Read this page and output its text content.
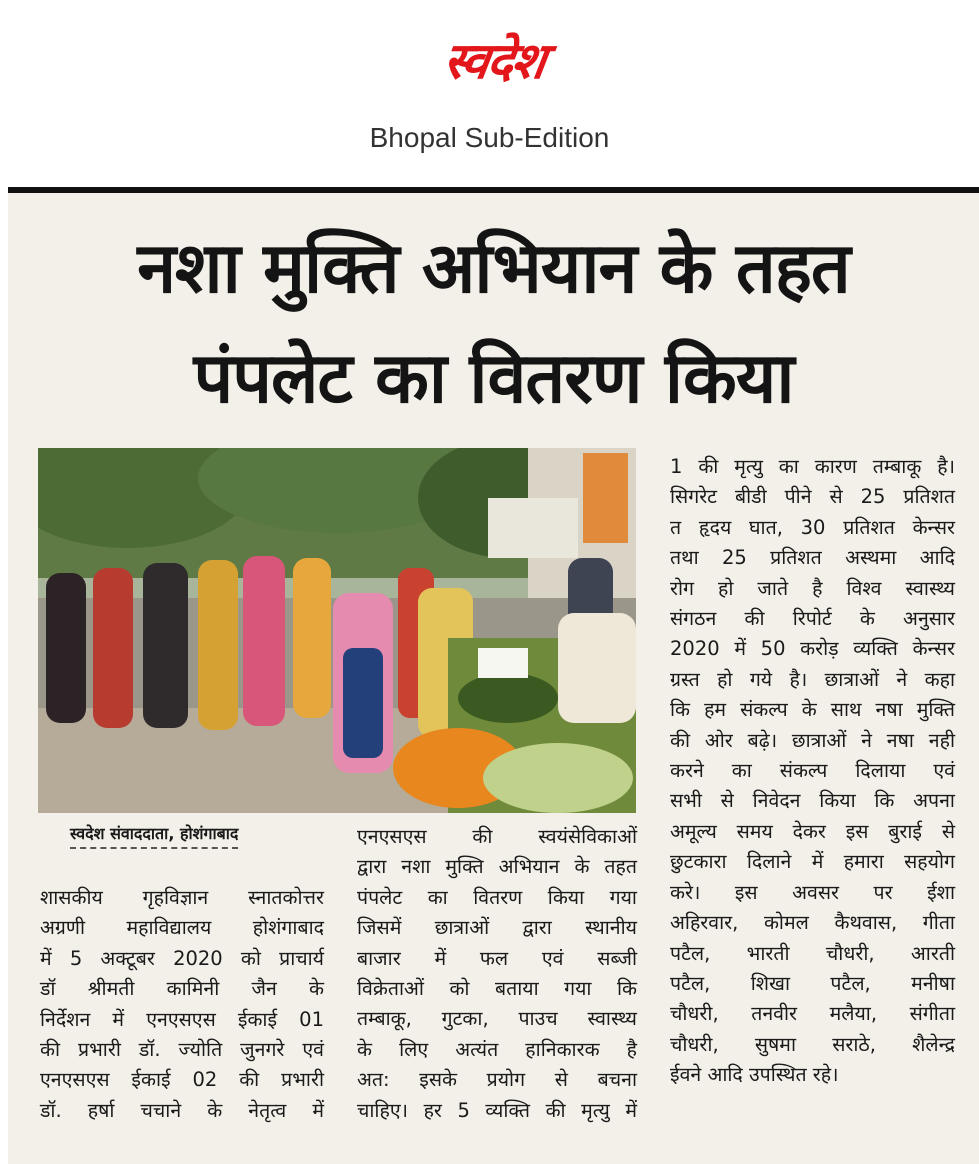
स्वदेश
Bhopal Sub-Edition
नशा मुक्ति अभियान के तहत
पंपलेट का वितरण किया
स्वदेश संवाददाता, होशंगाबाद
शासकीय गृहविज्ञान स्नातकोत्तर
अग्रणी महाविद्यालय होशंगाबाद
में 5 अक्टूबर 2020 को प्राचार्य
डॉ श्रीमती कामिनी जैन के
निर्देशन में एनएसएस ईकाई 01
की प्रभारी डॉ. ज्योति जुनगरे एवं
एनएसएस ईकाई 02 की प्रभारी
डॉ. हर्षा चचाने के नेतृत्व में
एनएसएस की स्वयंसेविकाओं
द्वारा नशा मुक्ति अभियान के तहत
पंपलेट का वितरण किया गया
जिसमें छात्राओं द्वारा स्थानीय
बाजार में फल एवं सब्जी
विक्रेताओं को बताया गया कि
तम्बाकू, गुटका, पाउच स्वास्थ्य
के लिए अत्यंत हानिकारक है
अत: इसके प्रयोग से बचना
चाहिए। हर 5 व्यक्ति की मृत्यु में
1 की मृत्यु का कारण तम्बाकू है।
सिगरेट बीडी पीने से 25 प्रतिशत
त हृदय घात, 30 प्रतिशत केन्सर
तथा 25 प्रतिशत अस्थमा आदि
रोग हो जाते है विश्व स्वास्थ्य
संगठन की रिपोर्ट के अनुसार
2020 में 50 करोड़ व्यक्ति केन्सर
ग्रस्त हो गये है। छात्राओं ने कहा
कि हम संकल्प के साथ नषा मुक्ति
की ओर बढ़े। छात्राओं ने नषा नही
करने का संकल्प दिलाया एवं
सभी से निवेदन किया कि अपना
अमूल्य समय देकर इस बुराई से
छुटकारा दिलाने में हमारा सहयोग
करे। इस अवसर पर ईशा
अहिरवार, कोमल कैथवास, गीता
पटैल, भारती चौधरी, आरती
पटैल, शिखा पटैल, मनीषा
चौधरी, तनवीर मलैया, संगीता
चौधरी, सुषमा सराठे, शैलेन्द्र
ईवने आदि उपस्थित रहे।
